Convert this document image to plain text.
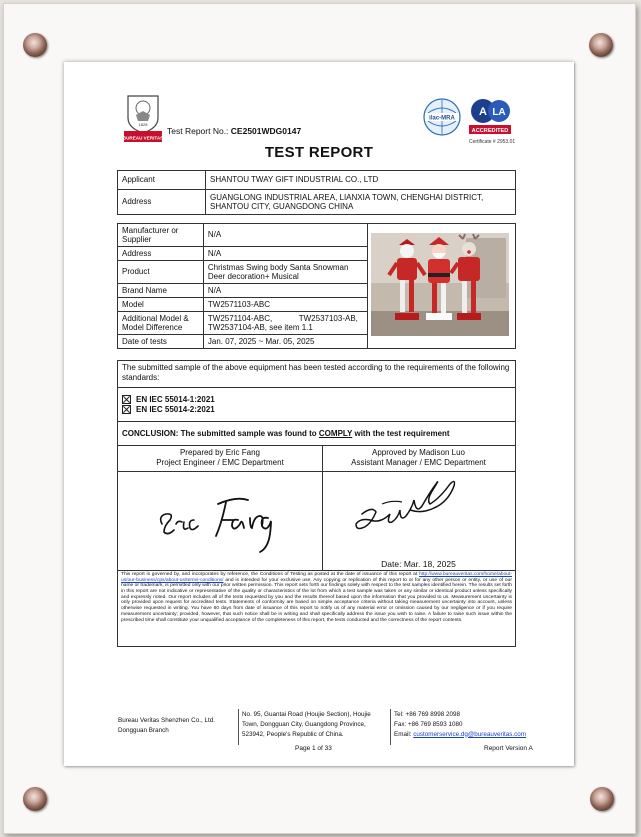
1828
BUREAU VERITAS
Test Report No.: CE2501WDG0147
ilac-MRA
A LA
ACCREDITED
Certificate # 2953.01
TEST REPORT
Applicant	SHANTOU TWAY GIFT INDUSTRIAL CO., LTD
Address	GUANGLONG INDUSTRIAL AREA, LIANXIA TOWN, CHENGHAI DISTRICT, SHANTOU CITY, GUANGDONG CHINA
Manufacturer or Supplier	N/A	
Address	N/A	
Product	Christmas Swing body Santa Snowman Deer decoration+ Musical	
Brand Name	N/A	
Model	TW2571103-ABC	
Additional Model & Model Difference	TW2571104-ABC,            TW2537103-AB, TW2537104-AB, see item 1.1	
Date of tests	Jan. 07, 2025 ~ Mar. 05, 2025	
The submitted sample of the above equipment has been tested according to the requirements of the following standards:
EN IEC 55014-1:2021
EN IEC 55014-2:2021
CONCLUSION: The submitted sample was found to COMPLY with the test requirement
Prepared by Eric Fang
Project Engineer / EMC Department
Approved by Madison Luo
Assistant Manager / EMC Department
Date: Mar. 18, 2025
This report is governed by, and incorporates by reference, the Conditions of Testing as posted at the date of issuance of this report at http://www.bureauveritas.com/home/about-us/our-business/cps/about-us/terms-conditions/ and is intended for your exclusive use. Any copying or replication of this report to or for any other person or entity, or use of our name or trademark, is permitted only with our prior written permission. This report sets forth our findings solely with respect to the test samples identified herein. The results set forth in this report are not indicative or representative of the quality or characteristics of the lot from which a test sample was taken or any similar or identical product unless specifically and expressly noted. Our report includes all of the tests requested by you and the results thereof based upon the information that you provided to us. Measurement uncertainty is only provided upon request for accredited tests. Statements of conformity are based on simple acceptance criteria without taking measurement uncertainty into account, unless otherwise requested in writing. You have 60 days from date of issuance of this report to notify us of any material error or omission caused by our negligence or if you require measurement uncertainty; provided, however, that such notice shall be in writing and shall specifically address the issue you wish to raise. A failure to raise such issue within the prescribed time shall constitute your unqualified acceptance of the completeness of this report, the tests conducted and the correctness of the report contents.
Bureau Veritas Shenzhen Co., Ltd.
Dongguan Branch
No. 95, Guantai Road (Houjie Section), Houjie
Town, Dongguan City, Guangdong Province,
523942, People's Republic of China.
Tel: +86 769 8998 2098
Fax: +86 769 8593 1080
Email: customerservice.dg@bureauveritas.com
Page 1 of 33	Report Version A
